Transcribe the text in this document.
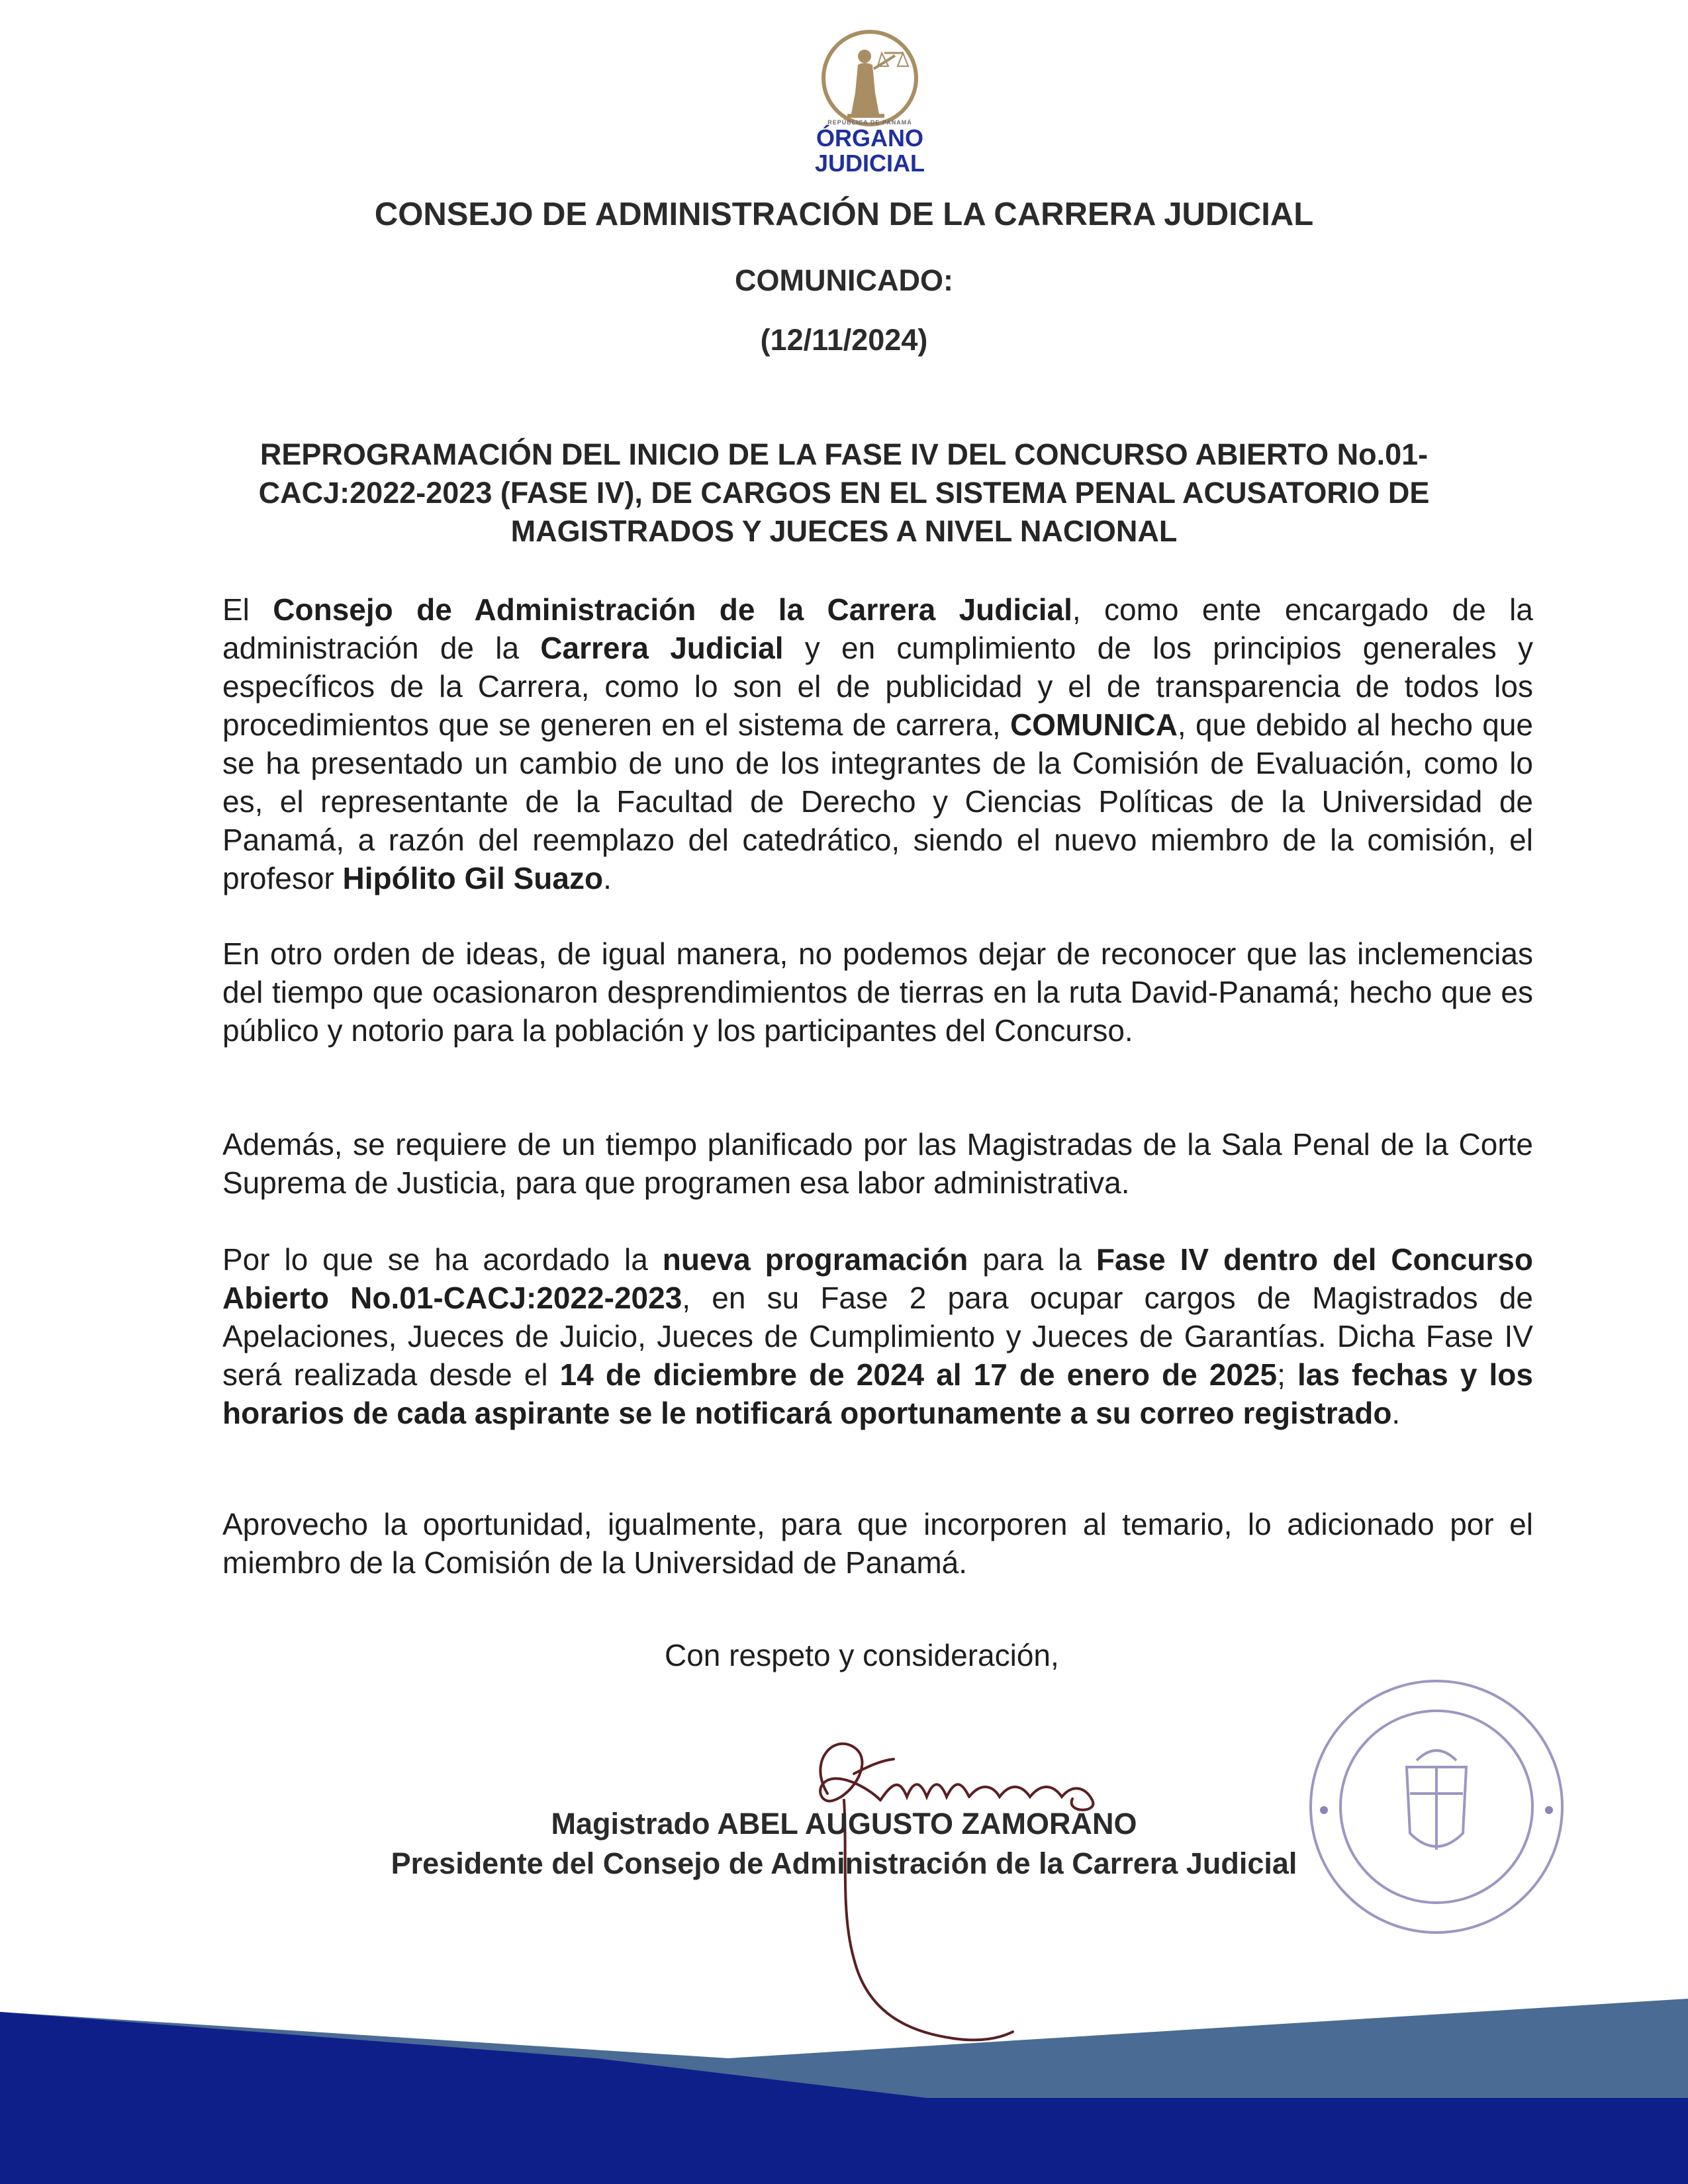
REPÚBLICA DE PANAMÁ
ÓRGANO
JUDICIAL
CONSEJO DE ADMINISTRACIÓN DE LA CARRERA JUDICIAL
COMUNICADO:
(12/11/2024)
REPROGRAMACIÓN DEL INICIO DE LA FASE IV DEL CONCURSO ABIERTO No.01-CACJ:2022-2023 (FASE IV), DE CARGOS EN EL SISTEMA PENAL ACUSATORIO DE MAGISTRADOS Y JUECES A NIVEL NACIONAL
El Consejo de Administración de la Carrera Judicial, como ente encargado de la administración de la Carrera Judicial y en cumplimiento de los principios generales y específicos de la Carrera, como lo son el de publicidad y el de transparencia de todos los procedimientos que se generen en el sistema de carrera, COMUNICA, que debido al hecho que se ha presentado un cambio de uno de los integrantes de la Comisión de Evaluación, como lo es, el representante de la Facultad de Derecho y Ciencias Políticas de la Universidad de Panamá, a razón del reemplazo del catedrático, siendo el nuevo miembro de la comisión, el profesor Hipólito Gil Suazo.
En otro orden de ideas, de igual manera, no podemos dejar de reconocer que las inclemencias del tiempo que ocasionaron desprendimientos de tierras en la ruta David-Panamá; hecho que es público y notorio para la población y los participantes del Concurso.
Además, se requiere de un tiempo planificado por las Magistradas de la Sala Penal de la Corte Suprema de Justicia, para que programen esa labor administrativa.
Por lo que se ha acordado la nueva programación para la Fase IV dentro del Concurso Abierto No.01-CACJ:2022-2023, en su Fase 2 para ocupar cargos de Magistrados de Apelaciones, Jueces de Juicio, Jueces de Cumplimiento y Jueces de Garantías. Dicha Fase IV será realizada desde el 14 de diciembre de 2024 al 17 de enero de 2025; las fechas y los horarios de cada aspirante se le notificará oportunamente a su correo registrado.
Aprovecho la oportunidad, igualmente, para que incorporen al temario, lo adicionado por el miembro de la Comisión de la Universidad de Panamá.
Con respeto y consideración,
Magistrado ABEL AUGUSTO ZAMORANO
Presidente del Consejo de Administración de la Carrera Judicial
